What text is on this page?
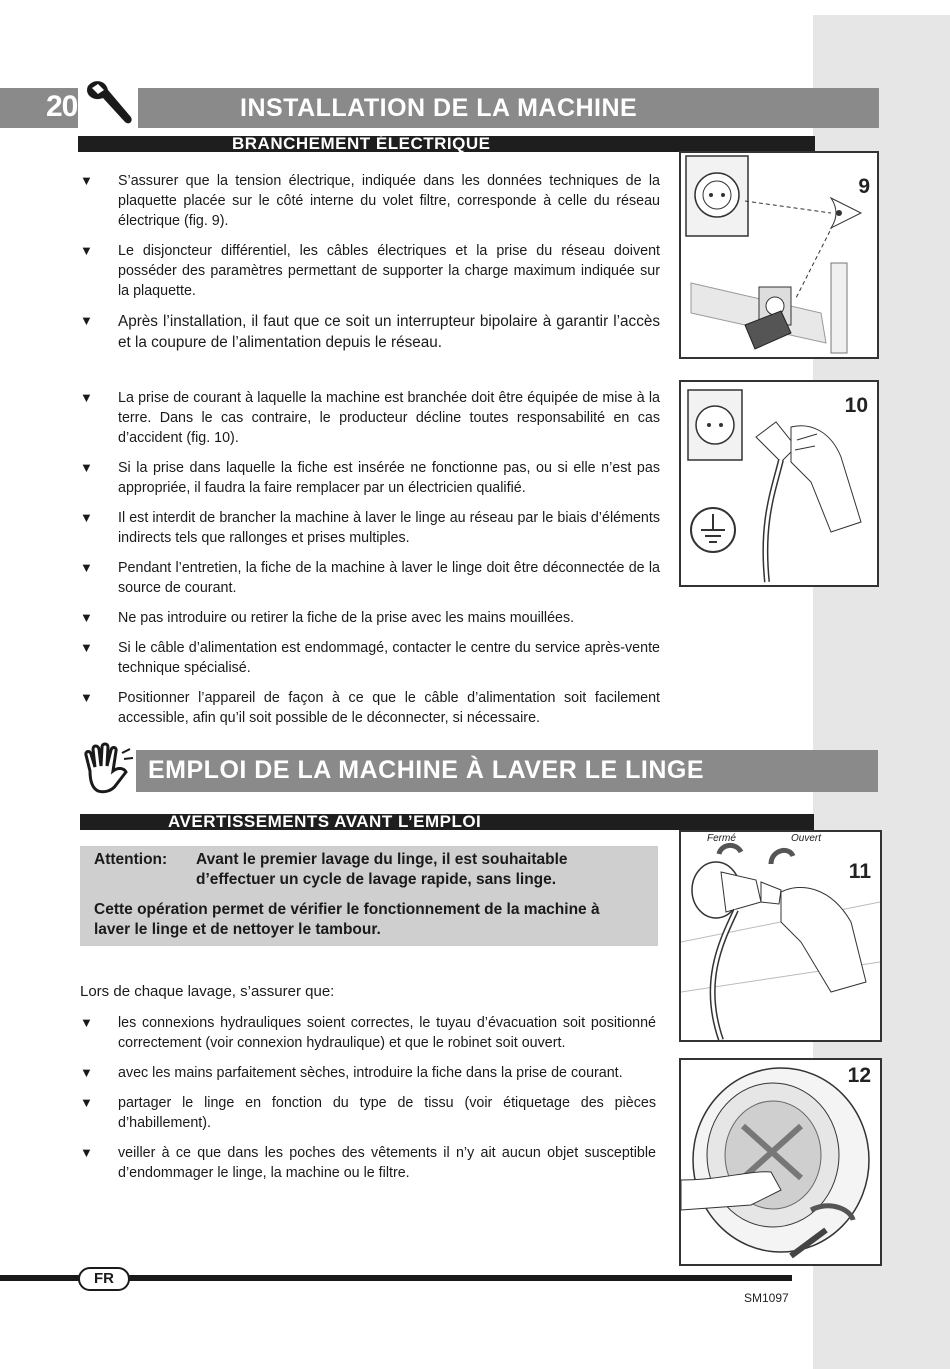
20	INSTALLATION DE LA MACHINE
BRANCHEMENT ÉLECTRIQUE
▼ S’assurer que la tension électrique, indiquée dans les données techniques de la plaquette placée sur le côté interne du volet filtre, corresponde à celle du réseau électrique (fig. 9).
▼ Le disjoncteur différentiel, les câbles électriques et la prise du réseau doivent posséder des paramètres permettant de supporter la charge maximum indiquée sur la plaquette.
▼ Après l’installation, il faut que ce soit un interrupteur bipolaire à garantir l’accès et la coupure de l’alimentation depuis le réseau.
▼ La prise de courant à laquelle la machine est branchée doit être équipée de mise à la terre. Dans le cas contraire, le producteur décline toutes responsabilité en cas d’accident (fig. 10).
▼ Si la prise dans laquelle la fiche est insérée ne fonctionne pas, ou si elle n’est pas appropriée, il faudra la faire remplacer par un électricien qualifié.
▼ Il est interdit de brancher la machine à laver le linge au réseau par le biais d’éléments indirects tels que rallonges et prises multiples.
▼ Pendant l’entretien, la fiche de la machine à laver le linge doit être déconnectée de la source de courant.
▼ Ne pas introduire ou retirer la fiche de la prise avec les mains mouillées.
▼ Si le câble d’alimentation est endommagé, contacter le centre du service après-vente technique spécialisé.
▼ Positionner l’appareil de façon à ce que le câble d’alimentation soit facilement accessible, afin qu’il soit possible de le déconnecter, si nécessaire.
9
10
EMPLOI DE LA MACHINE À LAVER LE LINGE
AVERTISSEMENTS AVANT L’EMPLOI

Attention:	Avant le premier lavage du linge, il est souhaitable d’effectuer un cycle de lavage rapide, sans linge.

Cette opération permet de vérifier le fonctionnement de la machine à laver le linge et de nettoyer le tambour.

Lors de chaque lavage, s’assurer que:
▼ les connexions hydrauliques soient correctes, le tuyau d’évacuation soit positionné correctement (voir connexion hydraulique) et que le robinet soit ouvert.
▼ avec les mains parfaitement sèches, introduire la fiche dans la prise de courant.
▼ partager le linge en fonction du type de tissu (voir étiquetage des pièces d’habillement).
▼ veiller à ce que dans les poches des vêtements il n’y ait aucun objet susceptible d’endommager le linge, la machine ou le filtre.
Fermé	Ouvert
11
12
FR
SM1097
